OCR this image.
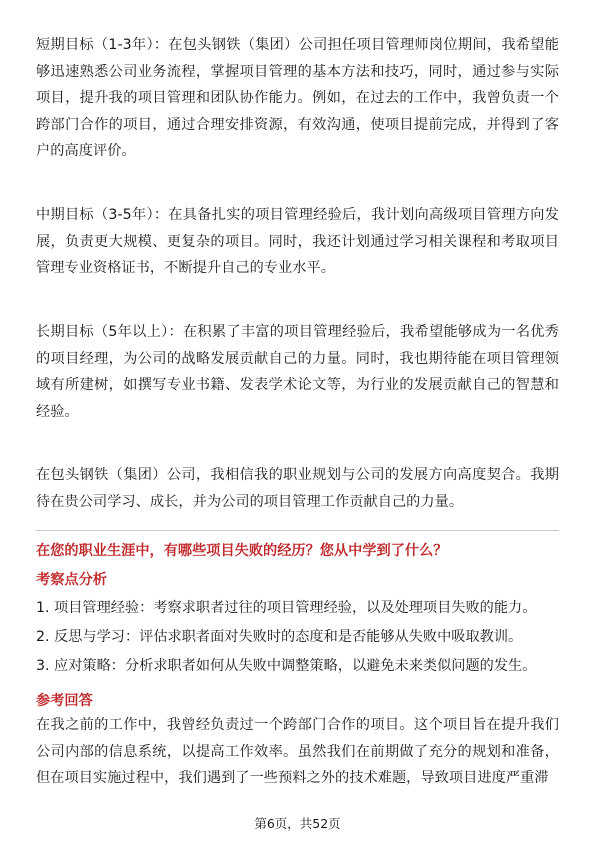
短期目标（1-3年）：在包头钢铁（集团）公司担任项目管理师岗位期间，我希望能够迅速熟悉公司业务流程，掌握项目管理的基本方法和技巧，同时，通过参与实际项目，提升我的项目管理和团队协作能力。例如，在过去的工作中，我曾负责一个跨部门合作的项目，通过合理安排资源，有效沟通，使项目提前完成，并得到了客户的高度评价。

中期目标（3-5年）：在具备扎实的项目管理经验后，我计划向高级项目管理方向发展，负责更大规模、更复杂的项目。同时，我还计划通过学习相关课程和考取项目管理专业资格证书，不断提升自己的专业水平。

长期目标（5年以上）：在积累了丰富的项目管理经验后，我希望能够成为一名优秀的项目经理，为公司的战略发展贡献自己的力量。同时，我也期待能在项目管理领域有所建树，如撰写专业书籍、发表学术论文等，为行业的发展贡献自己的智慧和经验。

在包头钢铁（集团）公司，我相信我的职业规划与公司的发展方向高度契合。我期待在贵公司学习、成长，并为公司的项目管理工作贡献自己的力量。

在您的职业生涯中，有哪些项目失败的经历？您从中学到了什么？

考察点分析

1. 项目管理经验：考察求职者过往的项目管理经验，以及处理项目失败的能力。
2. 反思与学习：评估求职者面对失败时的态度和是否能够从失败中吸取教训。
3. 应对策略：分析求职者如何从失败中调整策略，以避免未来类似问题的发生。

参考回答

在我之前的工作中，我曾经负责过一个跨部门合作的项目。这个项目旨在提升我们公司内部的信息系统，以提高工作效率。虽然我们在前期做了充分的规划和准备，但在项目实施过程中，我们遇到了一些预料之外的技术难题，导致项目进度严重滞

第6页，共52页
